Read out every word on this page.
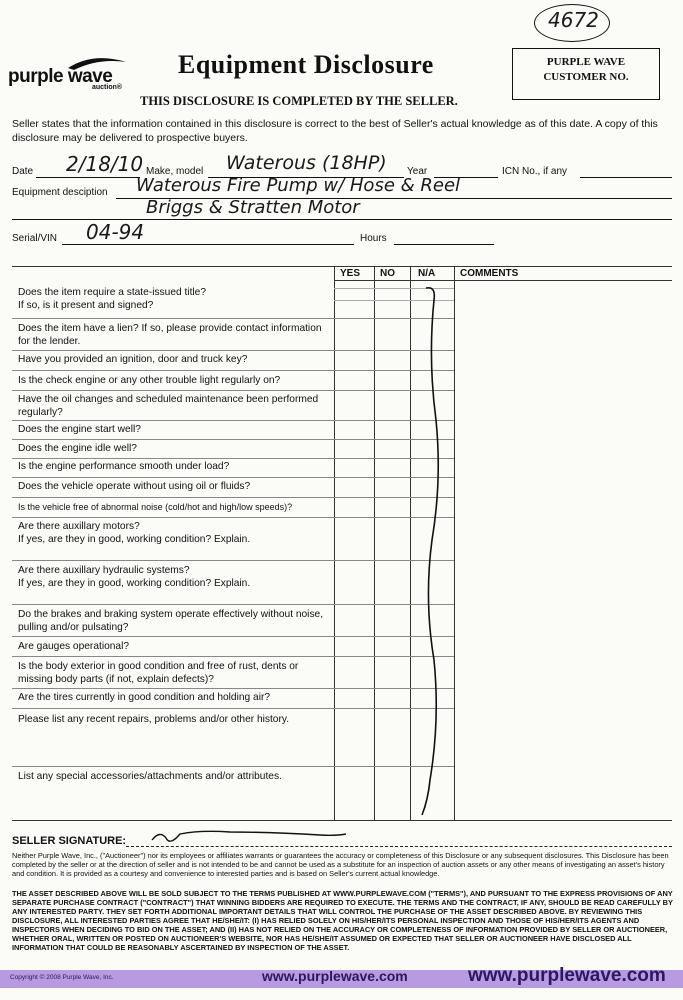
4672
purple wave
auction®
Equipment Disclosure
THIS DISCLOSURE IS COMPLETED BY THE SELLER.
PURPLE WAVE
CUSTOMER NO.
Seller states that the information contained in this disclosure is correct to the best of Seller's actual knowledge as of this date. A copy of this disclosure may be delivered to prospective buyers.
Date 2/18/10 Make, model Waterous (18HP) Year	ICN No., if any
Equipment desciption Waterous Fire Pump w/ Hose & Reel
Briggs & Stratten Motor
Serial/VIN 04-94	Hours
YES NO N/A COMMENTS
Does the item require a state-issued title?
If so, is it present and signed?
Does the item have a lien? If so, please provide contact information for the lender.
Have you provided an ignition, door and truck key?
Is the check engine or any other trouble light regularly on?
Have the oil changes and scheduled maintenance been performed regularly?
Does the engine start well?
Does the engine idle well?
Is the engine performance smooth under load?
Does the vehicle operate without using oil or fluids?
Is the vehicle free of abnormal noise (cold/hot and high/low speeds)?
Are there auxillary motors?
If yes, are they in good, working condition? Explain.
Are there auxillary hydraulic systems?
If yes, are they in good, working condition? Explain.
Do the brakes and braking system operate effectively without noise, pulling and/or pulsating?
Are gauges operational?
Is the body exterior in good condition and free of rust, dents or missing body parts (if not, explain defects)?
Are the tires currently in good condition and holding air?
Please list any recent repairs, problems and/or other history.
List any special accessories/attachments and/or attributes.
SELLER SIGNATURE:
Neither Purple Wave, Inc., ("Auctioneer") nor its employees or affiliates warrants or guarantees the accuracy or completeness of this Disclosure or any subsequent disclosures. This Disclosure has been completed by the seller or at the direction of seller and is not intended to be and cannot be used as a substitute for an inspection of auction assets or any other means of investigating an asset's history and condition. It is provided as a courtesy and convenience to interested parties and is based on Seller's current actual knowledge.
THE ASSET DESCRIBED ABOVE WILL BE SOLD SUBJECT TO THE TERMS PUBLISHED AT WWW.PURPLEWAVE.COM ("TERMS"), AND PURSUANT TO THE EXPRESS PROVISIONS OF ANY SEPARATE PURCHASE CONTRACT ("CONTRACT") THAT WINNING BIDDERS ARE REQUIRED TO EXECUTE. THE TERMS AND THE CONTRACT, IF ANY, SHOULD BE READ CAREFULLY BY ANY INTERESTED PARTY. THEY SET FORTH ADDITIONAL IMPORTANT DETAILS THAT WILL CONTROL THE PURCHASE OF THE ASSET DESCRIBED ABOVE. BY REVIEWING THIS DISCLOSURE, ALL INTERESTED PARTIES AGREE THAT HE/SHE/IT: (I) HAS RELIED SOLELY ON HIS/HER/ITS PERSONAL INSPECTION AND THOSE OF HIS/HER/ITS AGENTS AND INSPECTORS WHEN DECIDING TO BID ON THE ASSET; AND (II) HAS NOT RELIED ON THE ACCURACY OR COMPLETENESS OF INFORMATION PROVIDED BY SELLER OR AUCTIONEER, WHETHER ORAL, WRITTEN OR POSTED ON AUCTIONEER'S WEBSITE, NOR HAS HE/SHE/IT ASSUMED OR EXPECTED THAT SELLER OR AUCTIONEER HAVE DISCLOSED ALL INFORMATION THAT COULD BE REASONABLY ASCERTAINED BY INSPECTION OF THE ASSET.
Copyright © 2008 Purple Wave, Inc.	www.purplewave.com	www.purplewave.com
